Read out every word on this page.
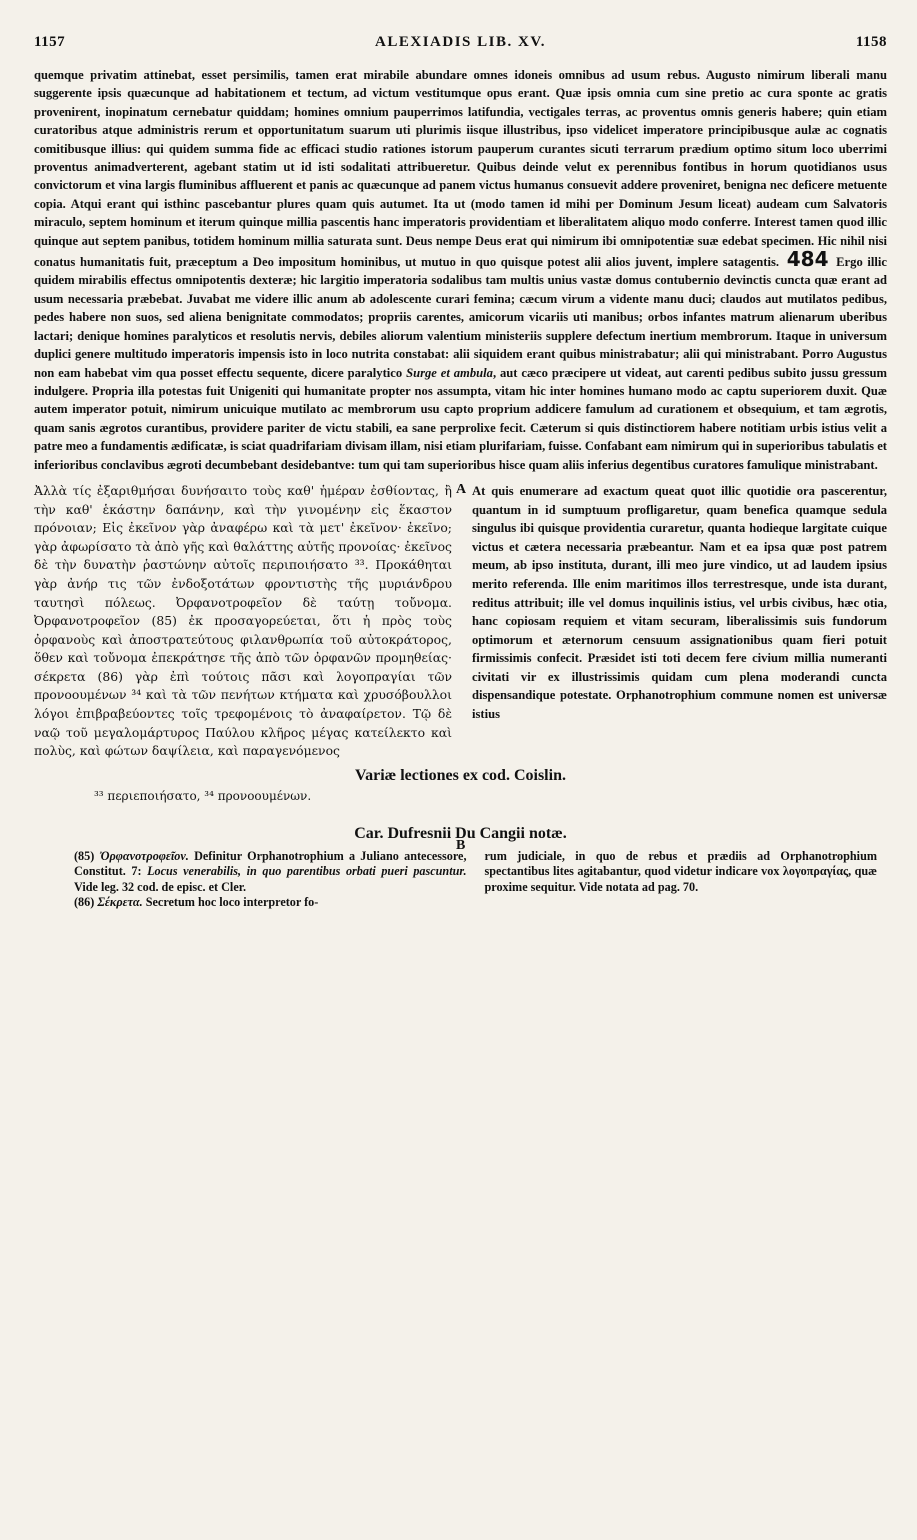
1157	ALEXIADIS LIB. XV.	1158
quemque privatim attinebat, esset persimilis, tamen erat mirabile abundare omnes idoneis omnibus ad usum rebus. Augusto nimirum liberali manu suggerente ipsis quæcunque ad habitationem et tectum, ad victum vestitumque opus erant. Quæ ipsis omnia cum sine pretio ac cura sponte ac gratis provenirent, inopinatum cernebatur quiddam; homines omnium pauperrimos latifundia, vectigales terras, ac proventus omnis generis habere; quin etiam curatoribus atque administris rerum et opportunitatum suarum uti plurimis iisque illustribus, ipso videlicet imperatore principibusque aulæ ac cognatis comitibusque illius: qui quidem summa fide ac efficaci studio rationes istorum pauperum curantes sicuti terrarum prædium optimo situm loco uberrimi proventus animadverterent, agebant statim ut id isti sodalitati attribueretur. Quibus deinde velut ex perennibus fontibus in horum quotidianos usus convictorum et vina largis fluminibus affluerent et panis ac quæcunque ad panem victus humanus consuevit addere proveniret, benigna nec deficere metuente copia. Atqui erant qui isthinc pascebantur plures quam quis autumet. Ita ut (modo tamen id mihi per Dominum Jesum liceat) audeam cum Salvatoris miraculo, septem hominum et iterum quinque millia pascentis hanc imperatoris providentiam et liberalitatem aliquo modo conferre. Interest tamen quod illic quinque aut septem panibus, totidem hominum millia saturata sunt. Deus nempe Deus erat qui nimirum ibi omnipotentiæ suæ edebat specimen. Hic nihil nisi conatus humanitatis fuit, præceptum a Deo impositum hominibus, ut mutuo in quo quisque potest alii alios juvent, implere satagentis. 484 Ergo illic quidem mirabilis effectus omnipotentis dexteræ; hic largitio imperatoria sodalibus tam multis unius vastæ domus contubernio devinctis cuncta quæ erant ad usum necessaria præbebat. Juvabat me videre illic anum ab adolescente curari femina; cæcum virum a vidente manu duci; claudos aut mutilatos pedibus, pedes habere non suos, sed aliena benignitate commodatos; propriis carentes, amicorum vicariis uti manibus; orbos infantes matrum alienarum uberibus lactari; denique homines paralyticos et resolutis nervis, debiles aliorum valentium ministeriis supplere defectum inertium membrorum. Itaque in universum duplici genere multitudo imperatoris impensis isto in loco nutrita constabat: alii siquidem erant quibus ministrabatur; alii qui ministrabant. Porro Augustus non eam habebat vim qua posset effectu sequente, dicere paralytico Surge et ambula, aut cæco præcipere ut videat, aut carenti pedibus subito jussu gressum indulgere. Propria illa potestas fuit Unigeniti qui humanitate propter nos assumpta, vitam hic inter homines humano modo ac captu superiorem duxit. Quæ autem imperator potuit, nimirum unicuique mutilato ac membrorum usu capto proprium addicere famulum ad curationem et obsequium, et tam ægrotis, quam sanis ægrotos curantibus, providere pariter de victu stabili, ea sane perprolixe fecit. Cæterum si quis distinctiorem habere notitiam urbis istius velit a patre meo a fundamentis ædificatæ, is sciat quadrifariam divisam illam, nisi etiam plurifariam, fuisse. Confabant eam nimirum qui in superioribus tabulatis et inferioribus conclavibus ægroti decumbebant desidebantve: tum qui tam superioribus hisce quam aliis inferius degentibus curatores famulique ministrabant.
Ἀλλὰ τίς ἐξαριθμήσαι δυνήσαιτο τοὺς καθ' ἡμέραν ἐσθίοντας, ἢ τὴν καθ' ἑκάστην δαπάνην, καὶ τὴν γινομένην εἰς ἕκαστον πρόνοιαν; Εἰς ἐκεῖνον γὰρ ἀναφέρω καὶ τὰ μετ' ἐκεῖνον· ἐκεῖνο; γὰρ ἀφωρίσατο τὰ ἀπὸ γῆς καὶ θαλάττης αὐτῆς προνοίας· ἐκεῖνος δὲ τὴν δυνατὴν ῥαστώνην αὐτοῖς περιποιήσατο ³³. Προκάθηται γὰρ ἀνήρ τις τῶν ἐνδοξοτάτων φροντιστὴς τῆς μυριάνδρου ταυτησὶ πόλεως. Ὀρφανοτροφεῖον δὲ ταύτῃ τοὔνομα. Ὀρφανοτροφεῖον (85) ἐκ προσαγορεύεται, ὅτι ἡ πρὸς τοὺς ὀρφανοὺς καὶ ἀποστρατεύτους φιλανθρωπία τοῦ αὐτοκράτορος, ὅθεν καὶ τοὔνομα ἐπεκράτησε τῆς ἀπὸ τῶν ὀρφανῶν προμηθείας· σέκρετα (86) γὰρ ἐπὶ τούτοις πᾶσι καὶ λογοπραγίαι τῶν προνοουμένων ³⁴ καὶ τὰ τῶν πενήτων κτήματα καὶ χρυσόβουλλοι λόγοι ἐπιβραβεύοντες τοῖς τρεφομένοις τὸ ἀναφαίρετον. Τῷ δὲ ναῷ τοῦ μεγαλομάρτυρος Παύλου κλῆρος μέγας κατείλεκτο καὶ πολὺς, καὶ φώτων δαψίλεια, καὶ παραγενόμενος
A
B
At quis enumerare ad exactum queat quot illic quotidie ora pascerentur, quantum in id sumptuum profligaretur, quam benefica quamque sedula singulus ibi quisque providentia curaretur, quanta hodieque largitate cuique victus et cætera necessaria præbeantur. Nam et ea ipsa quæ post patrem meum, ab ipso instituta, durant, illi meo jure vindico, ut ad laudem ipsius merito referenda. Ille enim maritimos illos terrestresque, unde ista durant, reditus attribuit; ille vel domus inquilinis istius, vel urbis civibus, hæc otia, hanc copiosam requiem et vitam securam, liberalissimis suis fundorum optimorum et æternorum censuum assignationibus quam fieri potuit firmissimis confecit. Præsidet isti toti decem fere civium millia numeranti civitati vir ex illustrissimis quidam cum plena moderandi cuncta dispensandique potestate. Orphanotrophium commune nomen est universæ istius
Variæ lectiones ex cod. Coislin.
³³ περιεποιήσατο, ³⁴ προνοουμένων.
Car. Dufresnii Du Cangii notæ.
(85) Ὀρφανοτροφεῖον. Definitur Orphanotrophium a Juliano antecessore, Constitut. 7: Locus venerabilis, in quo parentibus orbati pueri pascuntur. Vide leg. 32 cod. de episc. et Cler.
(86) Σέκρετα. Secretum hoc loco interpretor fo-
rum judiciale, in quo de rebus et prædiis ad Orphanotrophium spectantibus lites agitabantur, quod videtur indicare vox λογοπραγίας, quæ proxime sequitur. Vide notata ad pag. 70.
